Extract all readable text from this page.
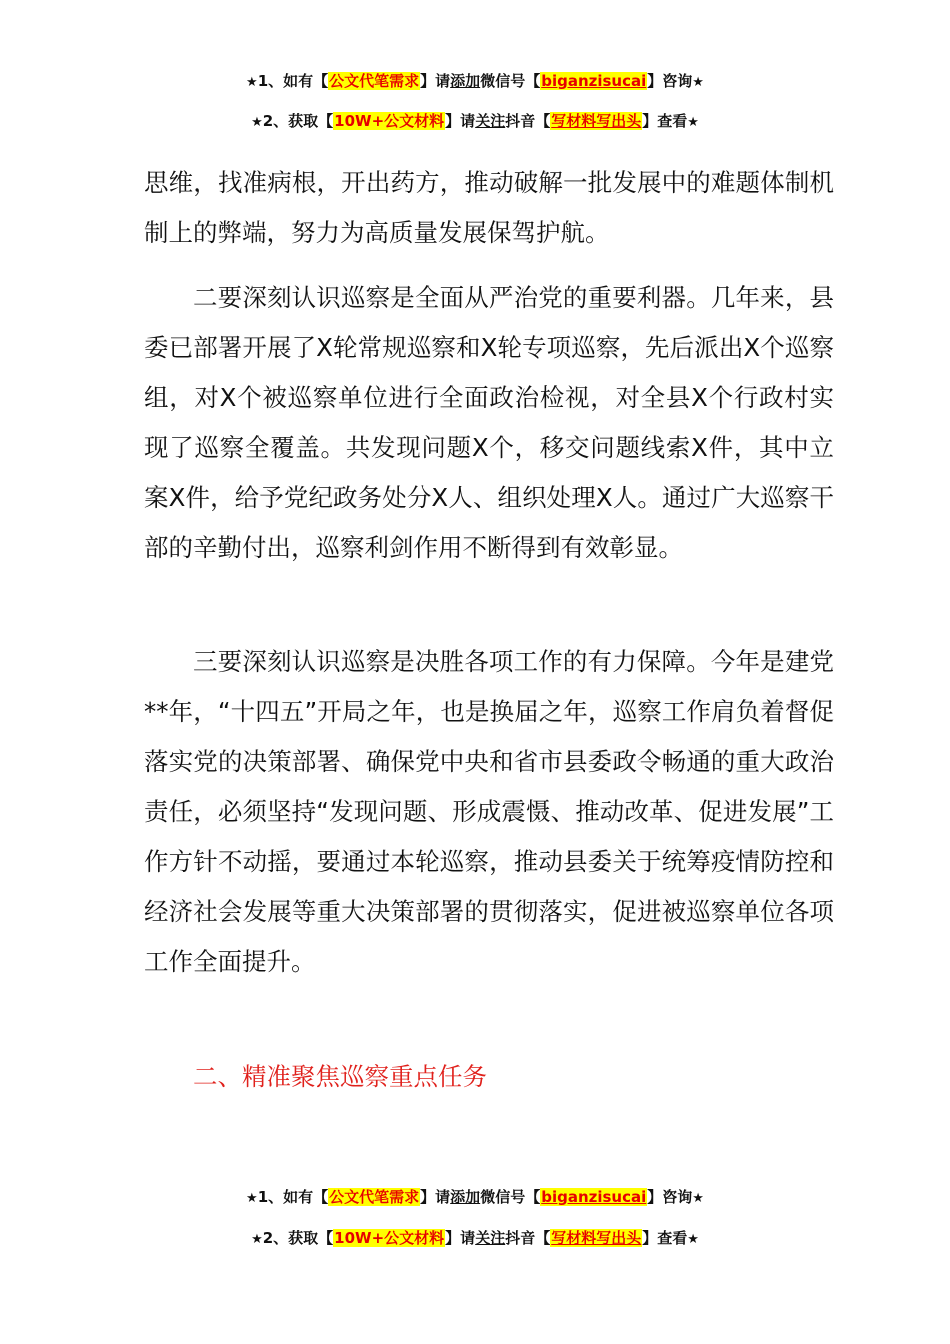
★1、如有【公文代笔需求】请添加微信号【biganzisucai】咨询★
★2、获取【10W+公文材料】请关注抖音【写材料写出头】查看★

思维，找准病根，开出药方，推动破解一批发展中的难题体制机制上的弊端，努力为高质量发展保驾护航。

二要深刻认识巡察是全面从严治党的重要利器。几年来，县委已部署开展了X轮常规巡察和X轮专项巡察，先后派出X个巡察组，对X个被巡察单位进行全面政治检视，对全县X个行政村实现了巡察全覆盖。共发现问题X个，移交问题线索X件，其中立案X件，给予党纪政务处分X人、组织处理X人。通过广大巡察干部的辛勤付出，巡察利剑作用不断得到有效彰显。

三要深刻认识巡察是决胜各项工作的有力保障。今年是建党**年，“十四五”开局之年，也是换届之年，巡察工作肩负着督促落实党的决策部署、确保党中央和省市县委政令畅通的重大政治责任，必须坚持“发现问题、形成震慑、推动改革、促进发展”工作方针不动摇，要通过本轮巡察，推动县委关于统筹疫情防控和经济社会发展等重大决策部署的贯彻落实，促进被巡察单位各项工作全面提升。

二、精准聚焦巡察重点任务

★1、如有【公文代笔需求】请添加微信号【biganzisucai】咨询★
★2、获取【10W+公文材料】请关注抖音【写材料写出头】查看★
